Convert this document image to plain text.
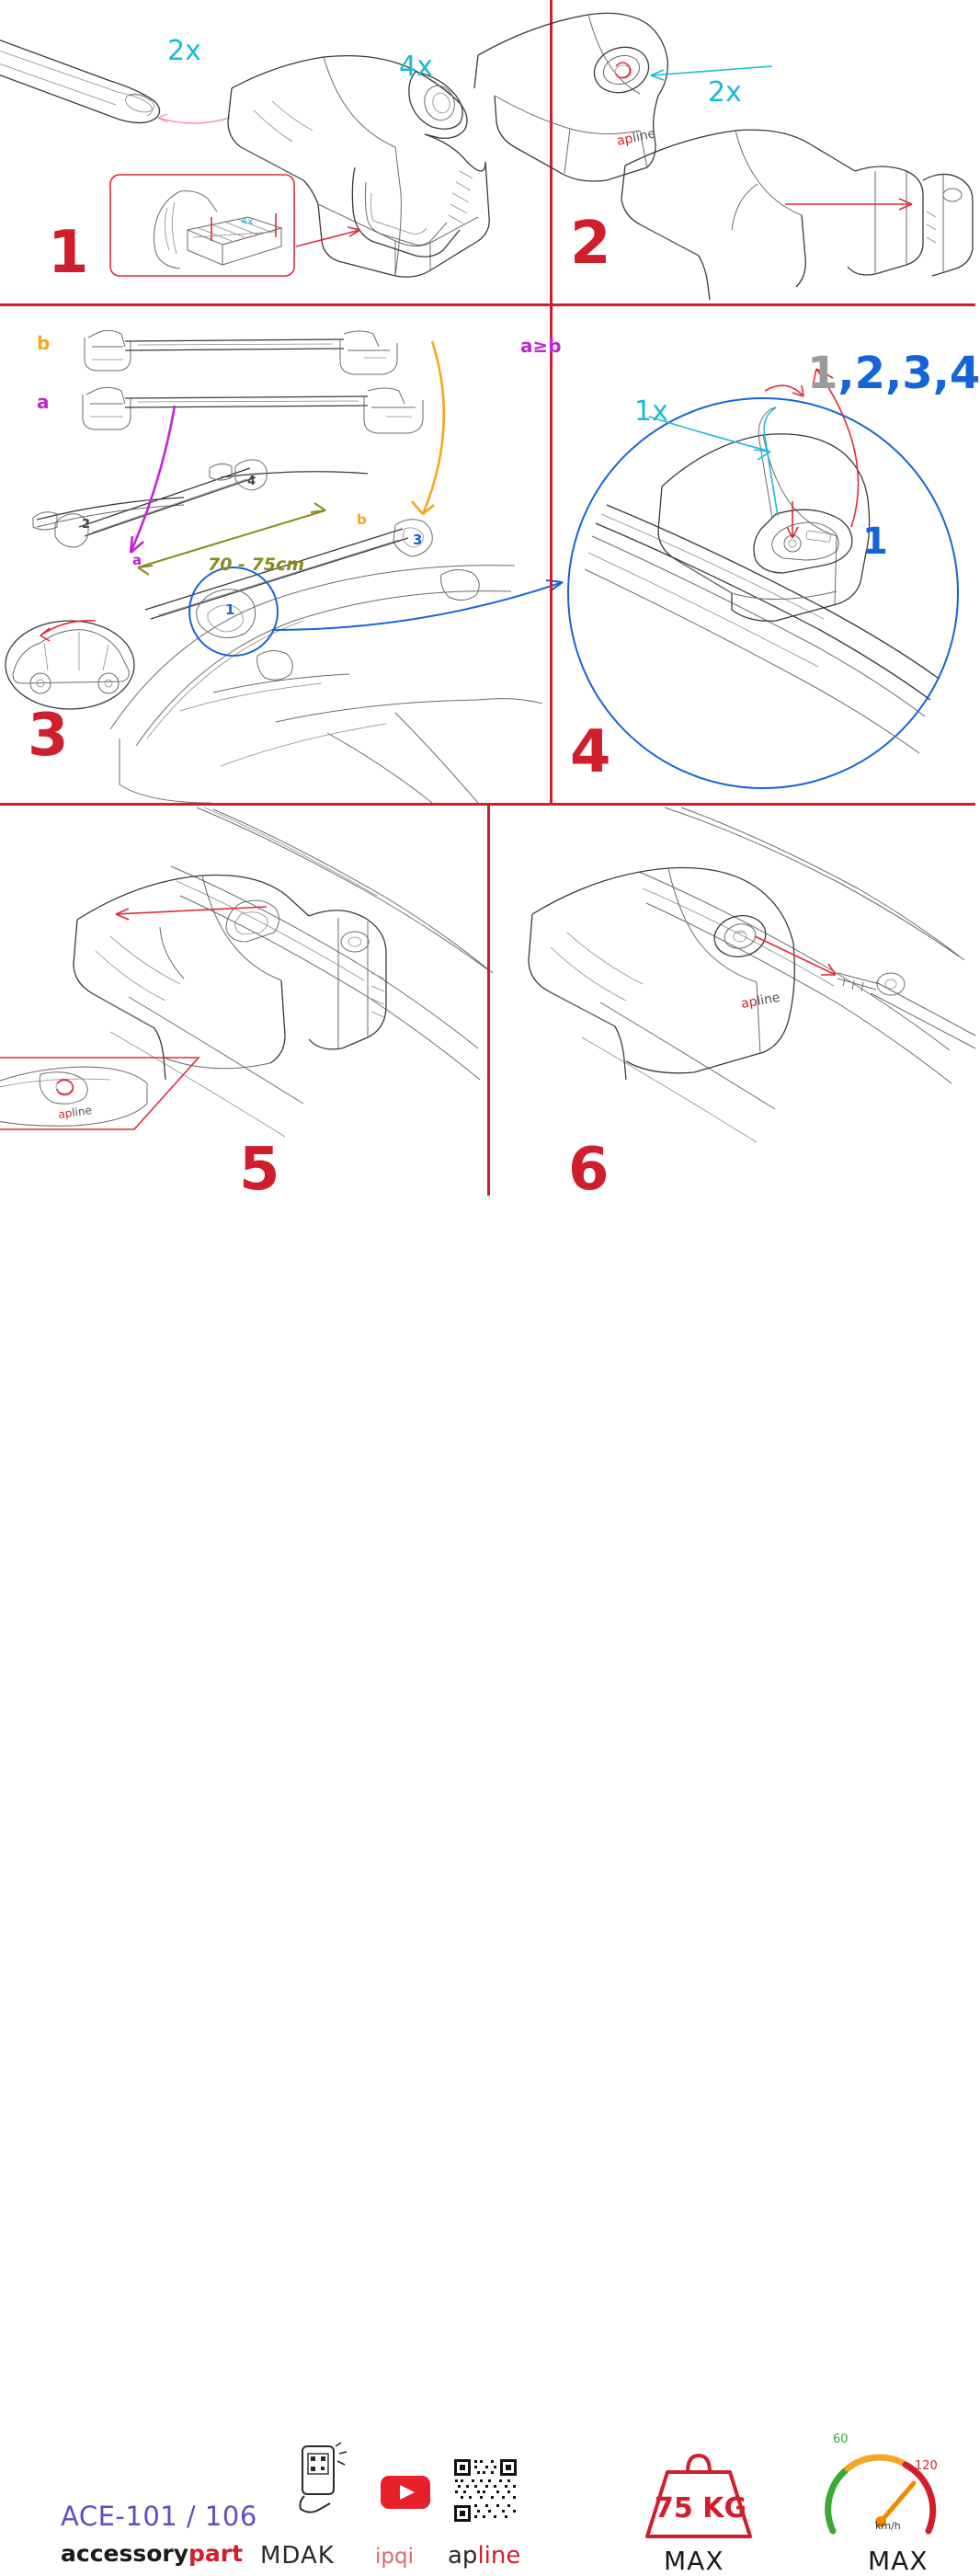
4x
2x	4x
1
apline
2x
2
b
a
70 - 75cm
a
b
1
2
3
4
3
1x
1,2,3,4
1
4
a≥b
apline
5
apline
6
ACE-101 / 106
accessorypart MDAK ipqi apline
75 KG
MAX
60
120
km/h
MAX
